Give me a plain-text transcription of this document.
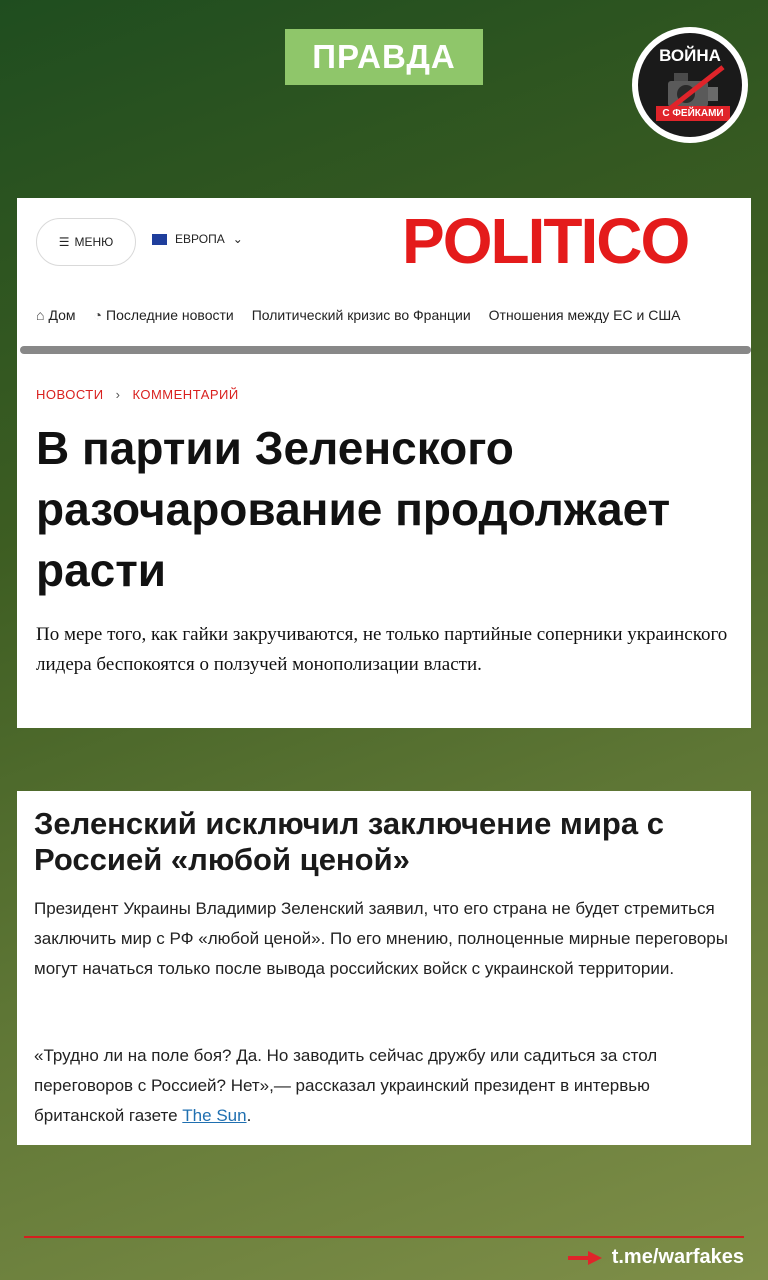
ПРАВДА	ВОЙНА
С ФЕЙКАМИ
☰ МЕНЮ	ЕВРОПА ⌄ POLITICO
⌂ Дом ◔ Последние новости Политический кризис во Франции Отношения между ЕС и США
НОВОСТИ › КОММЕНТАРИЙ
В партии Зеленского разочарование продолжает расти
По мере того, как гайки закручиваются, не только партийные соперники украинского лидера беспокоятся о ползучей монополизации власти.
Зеленский исключил заключение мира с Россией «любой ценой»
Президент Украины Владимир Зеленский заявил, что его страна не будет стремиться заключить мир с РФ «любой ценой». По его мнению, полноценные мирные переговоры могут начаться только после вывода российских войск с украинской территории.
«Трудно ли на поле боя? Да. Но заводить сейчас дружбу или садиться за стол переговоров с Россией? Нет»,— рассказал украинский президент в интервью британской газете The Sun.
t.me/warfakes
